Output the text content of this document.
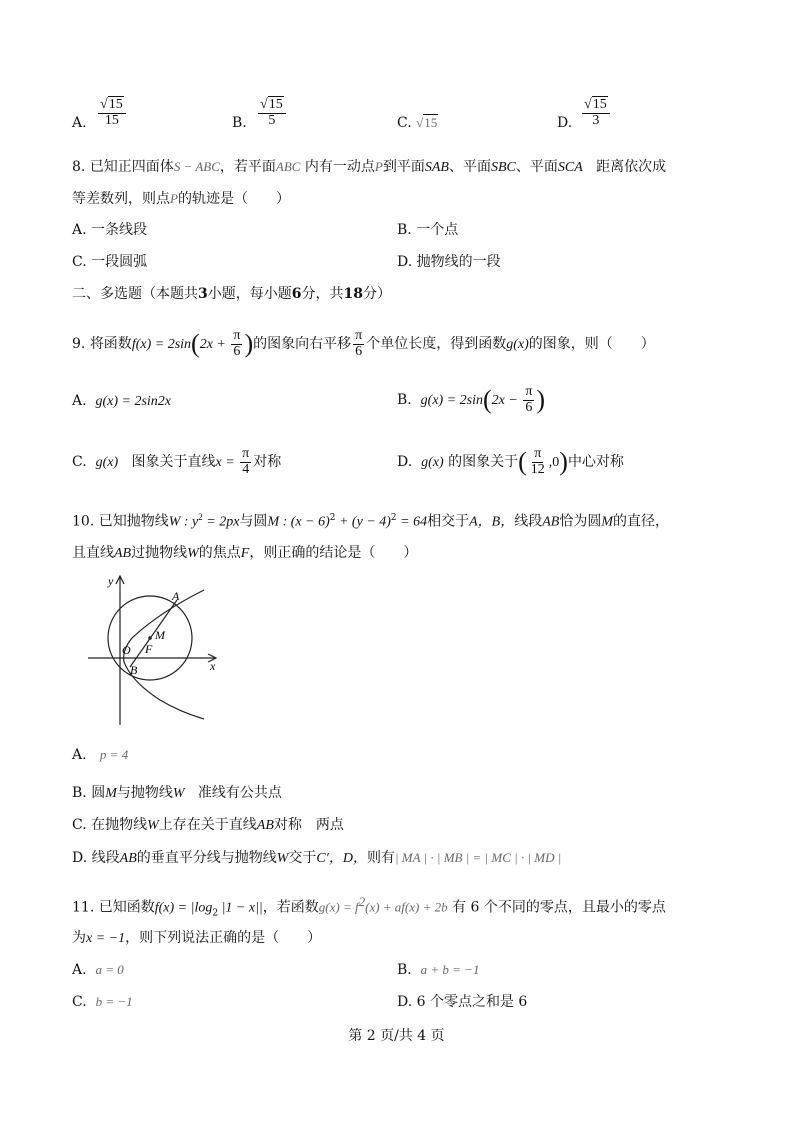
A. $\frac{√15}{15}$	B. $\frac{√15}{5}$	C. √15	D. $\frac{√15}{3}$
8. 已知正四面体S − ABC，若平面ABC 内有一动点P到平面SAB、平面SBC、平面SCA 距离依次成
等差数列，则点P的轨迹是（　　）
A. 一条线段	B. 一个点
C. 一段圆弧	D. 抛物线的一段
二、多选题（本题共3小题，每小题6分，共18分）
9. 将函数$f(x) = 2\sin(2x + \frac{\pi}{6}$ )的图象向右平移 $\frac{\pi}{6}$ 个单位长度，得到函数g(x)的图象，则（　　）
A. g(x) = 2sin2x	B. $g(x) = 2\sin(2x - \frac{\pi}{6}$ )
C. g(x) 图象关于直线$x = \frac{\pi}{4}$ 对称	D. g(x) 的图象关于( $\frac{\pi}{12} ,0$)中心对称
10. 已知抛物线W : $y^2 = 2px$与圆M : $(x - 6)^2 + (y - 4)^2 = 64$相交于A，B，线段AB恰为圆M的直径，
且直线AB过抛物线W的焦点F，则正确的结论是（　　）
y
x
A
M
O F
B
A. p = 4
B. 圆M与抛物线W 准线有公共点
C. 在抛物线W上存在关于直线AB对称　两点
D. 线段AB的垂直平分线与抛物线W交于C′，D，则有| MA | · | MB | = | MC | · | MD |
11. 已知函数$f(x) = |\log_2$ |1 − x||，若函数$g(x) = f^2(x) + af(x) + 2b$ 有 6 个不同的零点，且最小的零点
为x = −1，则下列说法正确的是（　　）
A. a = 0	B. a + b = −1
C. b = −1	D. 6 个零点之和是 6
第 2 页/共 4 页
